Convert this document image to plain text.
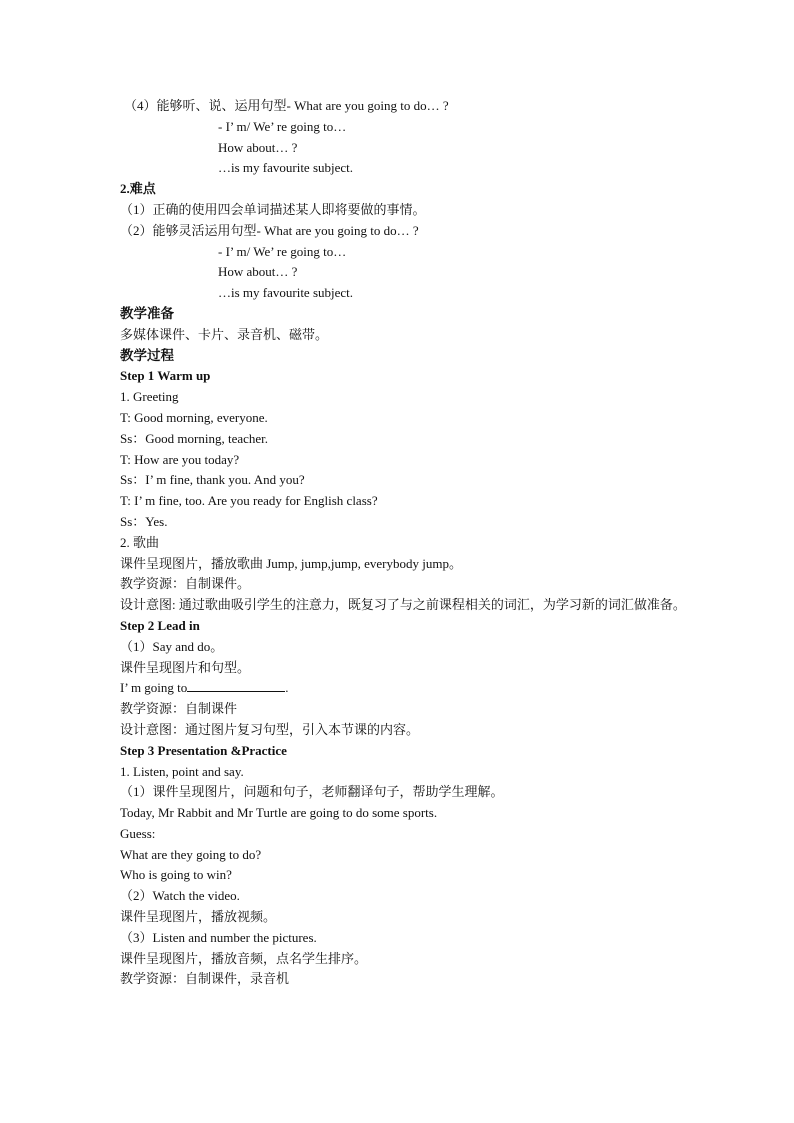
（4）能够听、说、运用句型- What are you going to do… ?
- I’ m/ We’ re going to…
How about… ?
…is my favourite subject.
2.难点
（1）正确的使用四会单词描述某人即将要做的事情。
（2）能够灵活运用句型- What are you going to do… ?
- I’ m/ We’ re going to…
How about… ?
…is my favourite subject.
教学准备
多媒体课件、卡片、录音机、磁带。
教学过程
Step 1 Warm up
1. Greeting
T: Good morning, everyone.
Ss：Good morning, teacher.
T: How are you today?
Ss：I’ m fine, thank you. And you?
T: I’ m fine, too. Are you ready for English class?
Ss：Yes.
2. 歌曲
课件呈现图片，播放歌曲 Jump, jump,jump, everybody jump。
教学资源：自制课件。
设计意图: 通过歌曲吸引学生的注意力，既复习了与之前课程相关的词汇，为学习新的词汇做准备。
Step 2 Lead in
（1）Say and do。
课件呈现图片和句型。
I’ m going to	.
教学资源：自制课件
设计意图：通过图片复习句型，引入本节课的内容。
Step 3 Presentation &Practice
1. Listen, point and say.
（1）课件呈现图片，问题和句子，老师翻译句子，帮助学生理解。
Today, Mr Rabbit and Mr Turtle are going to do some sports.
Guess:
What are they going to do?
Who is going to win?
（2）Watch the video.
课件呈现图片，播放视频。
（3）Listen and number the pictures.
课件呈现图片，播放音频，点名学生排序。
教学资源：自制课件，录音机
